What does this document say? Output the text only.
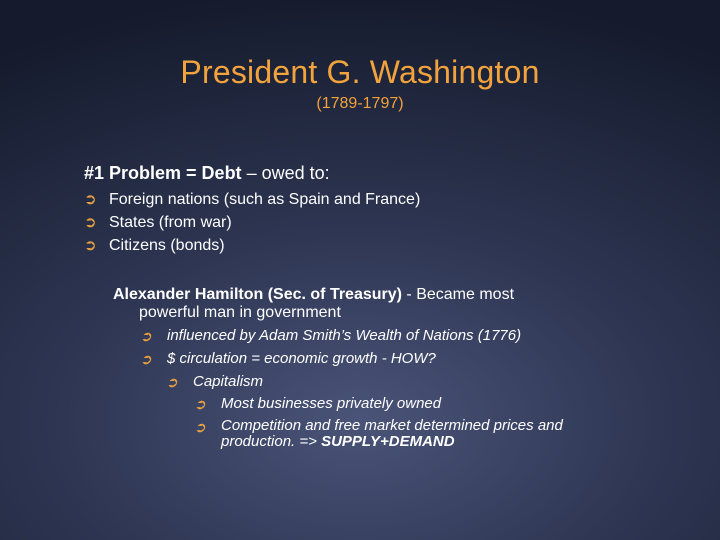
President G. Washington
(1789-1797)
#1 Problem = Debt – owed to:
➲ Foreign nations (such as Spain and France)
➲ States (from war)
➲ Citizens (bonds)
Alexander Hamilton (Sec. of Treasury) - Became most
powerful man in government
➲ influenced by Adam Smith’s Wealth of Nations (1776)
➲ $ circulation = economic growth - HOW?
➲ Capitalism
➲ Most businesses privately owned
➲ Competition and free market determined prices and
production. => SUPPLY+DEMAND
